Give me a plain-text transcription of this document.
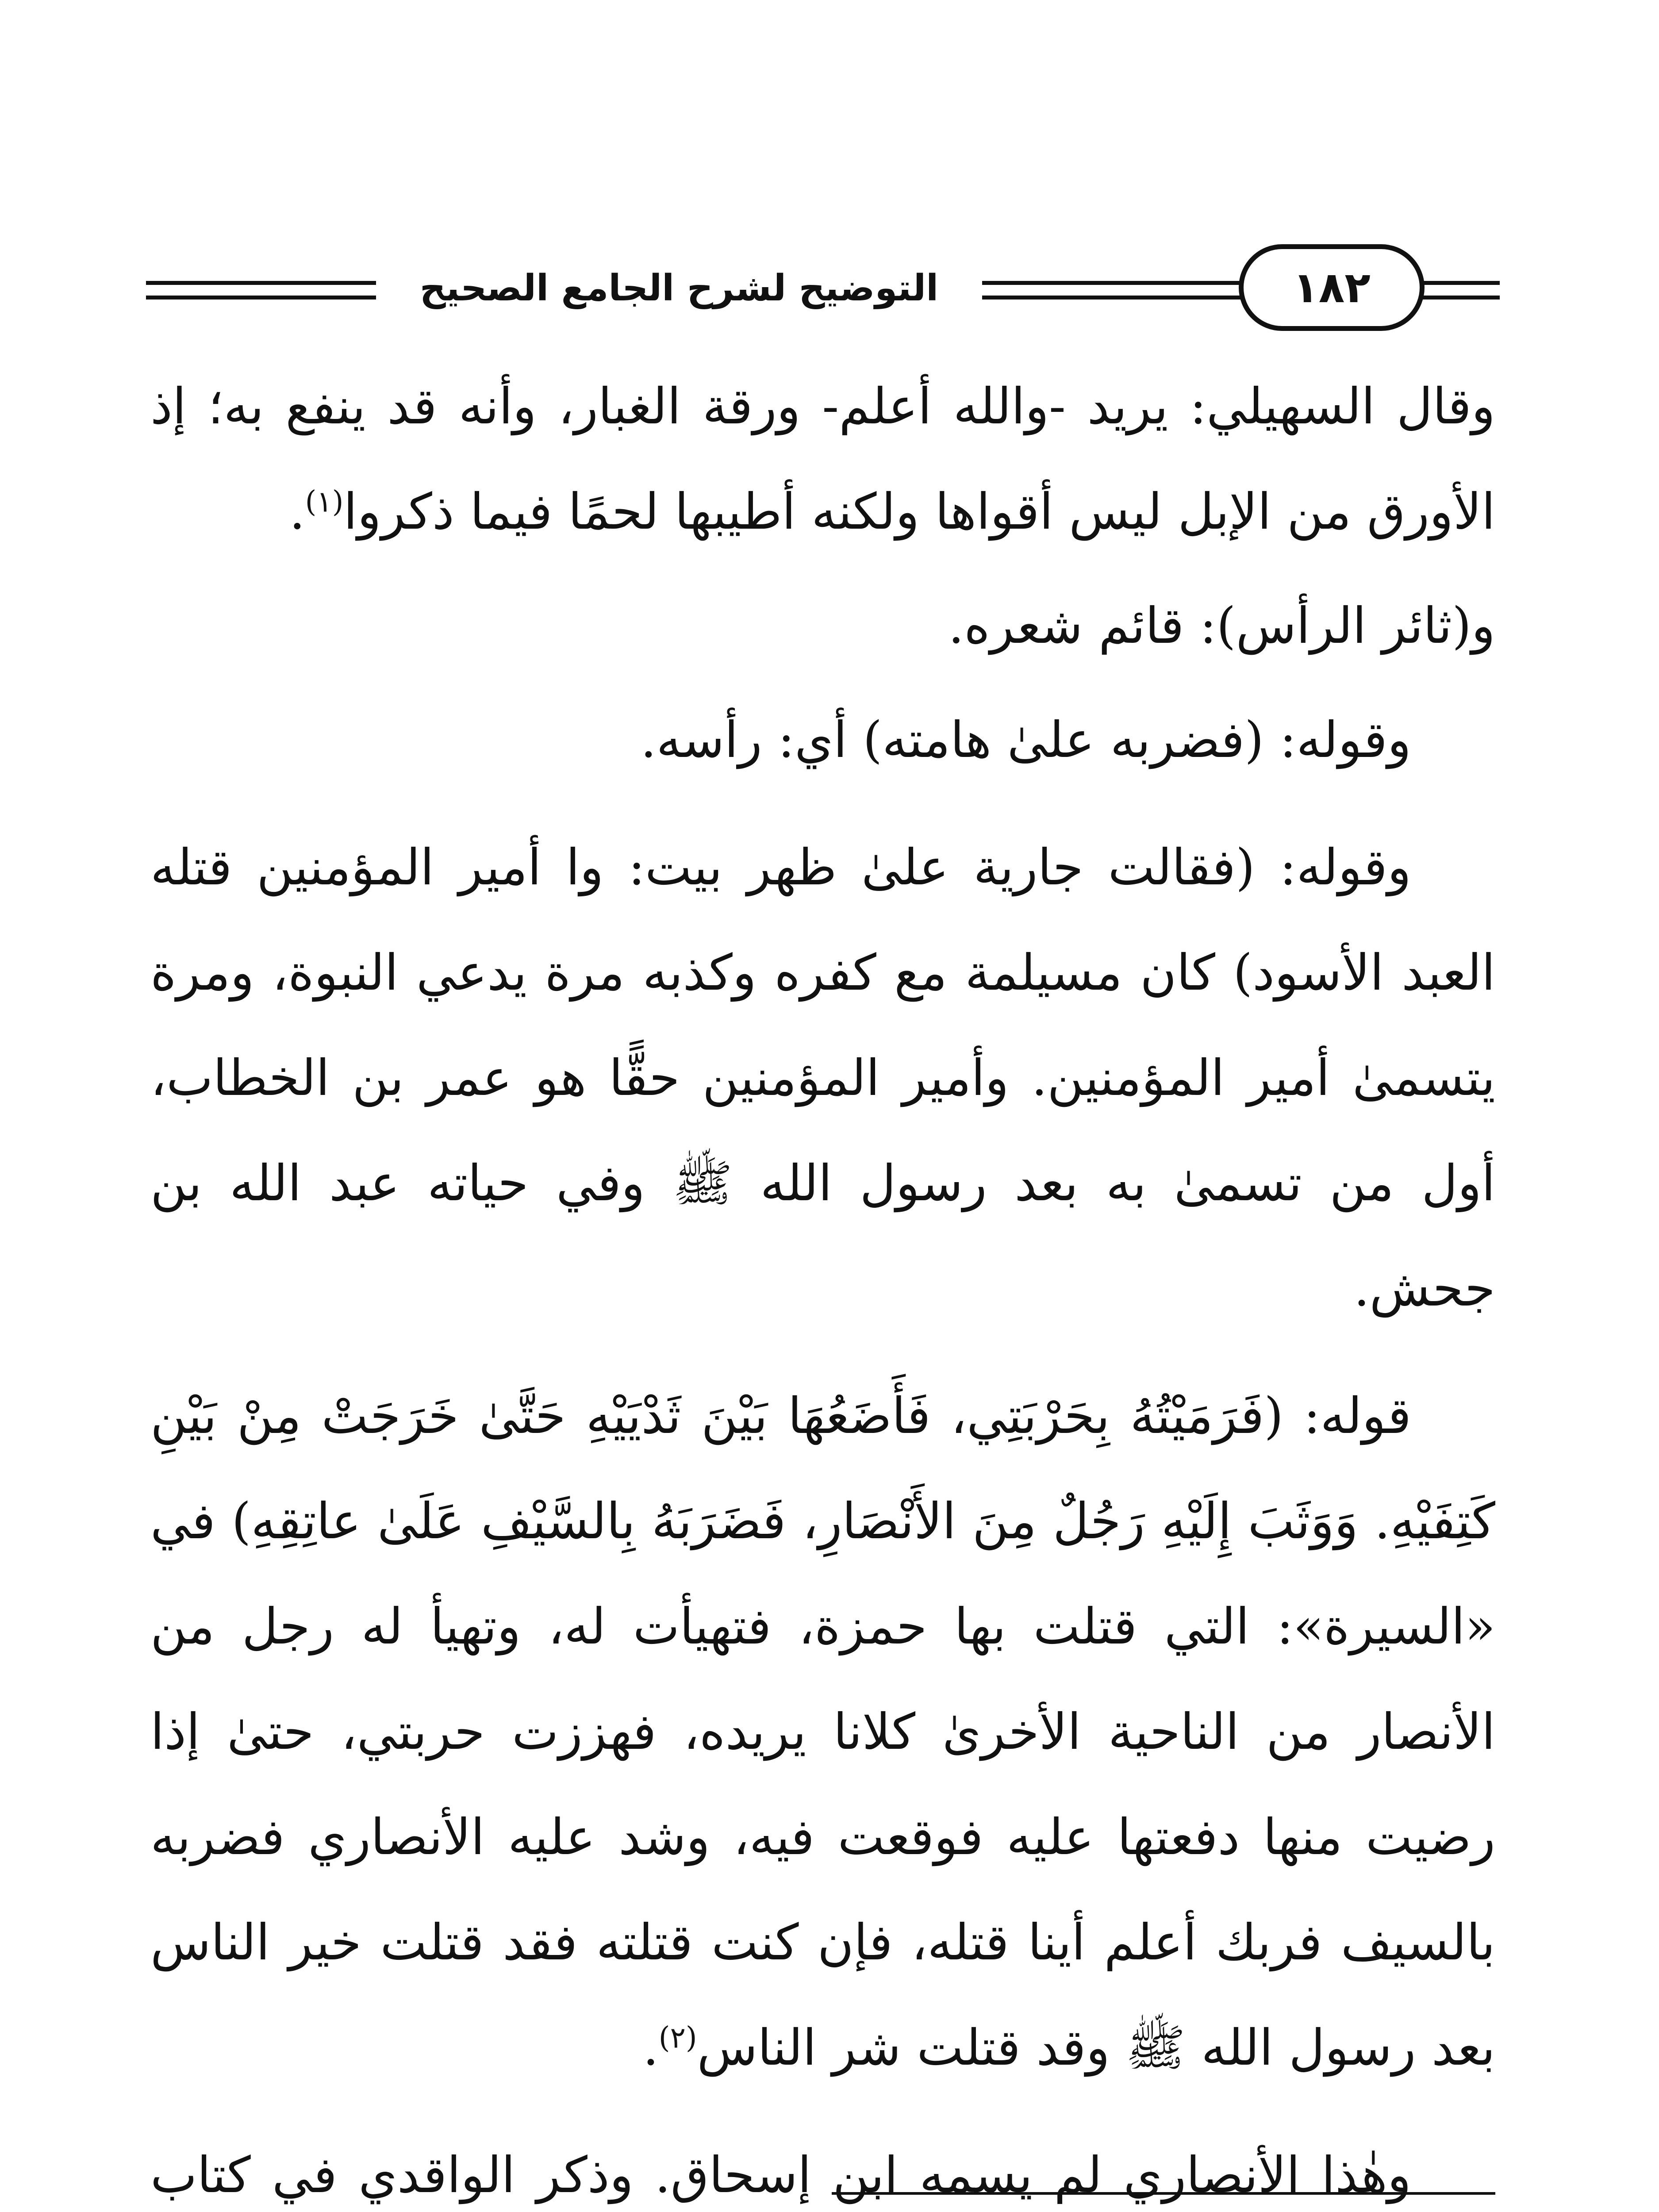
التوضيح لشرح الجامع الصحيح	١٨٢

وقال السهيلي: يريد -والله أعلم- ورقة الغبار، وأنه قد ينفع به؛ إذ الأورق من الإبل ليس أقواها ولكنه أطيبها لحمًا فيما ذكروا$^{(١)}$.

و(ثائر الرأس): قائم شعره.

وقوله: (فضربه علىٰ هامته) أي: رأسه.

وقوله: (فقالت جارية علىٰ ظهر بيت: وا أمير المؤمنين قتله العبد الأسود) كان مسيلمة مع كفره وكذبه مرة يدعي النبوة، ومرة يتسمىٰ أمير المؤمنين. وأمير المؤمنين حقًّا هو عمر بن الخطاب، أول من تسمىٰ به بعد رسول الله ﷺ وفي حياته عبد الله بن جحش.

قوله: (فَرَمَيْتُهُ بِحَرْبَتِي، فَأَضَعُهَا بَيْنَ ثَدْيَيْهِ حَتَّىٰ خَرَجَتْ مِنْ بَيْنِ كَتِفَيْهِ. وَوَثَبَ إِلَيْهِ رَجُلٌ مِنَ الأَنْصَارِ، فَضَرَبَهُ بِالسَّيْفِ عَلَىٰ عاتِقِهِ) في «السيرة»: التي قتلت بها حمزة، فتهيأت له، وتهيأ له رجل من الأنصار من الناحية الأخرىٰ كلانا يريده، فهززت حربتي، حتىٰ إذا رضيت منها دفعتها عليه فوقعت فيه، وشد عليه الأنصاري فضربه بالسيف فربك أعلم أينا قتله، فإن كنت قتلته فقد قتلت خير الناس بعد رسول الله ﷺ وقد قتلت شر الناس$^{(٢)}$.

وهٰذا الأنصاري لم يسمه ابن إسحاق. وذكر الواقدي في كتاب
